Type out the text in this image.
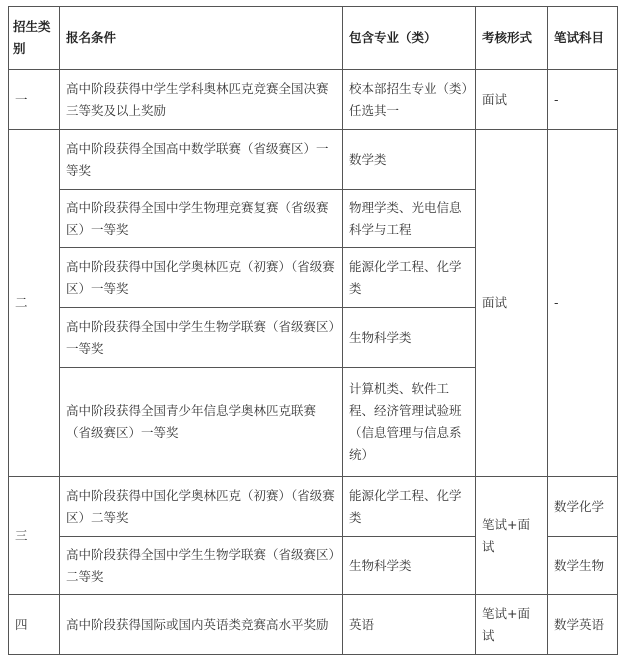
招生类别	报名条件	包含专业（类）	考核形式	笔试科目
一	高中阶段获得中学生学科奥林匹克竞赛全国决赛三等奖及以上奖励	校本部招生专业（类）任选其一	面试	-
二	高中阶段获得全国高中数学联赛（省级赛区）一等奖	数学类	面试	-
	高中阶段获得全国中学生物理竞赛复赛（省级赛区）一等奖	物理学类、光电信息科学与工程		
	高中阶段获得中国化学奥林匹克（初赛）（省级赛区）一等奖	能源化学工程、化学类		
	高中阶段获得全国中学生生物学联赛（省级赛区）一等奖	生物科学类		
	高中阶段获得全国青少年信息学奥林匹克联赛（省级赛区）一等奖	计算机类、软件工程、经济管理试验班（信息管理与信息系统）		
三	高中阶段获得中国化学奥林匹克（初赛）（省级赛区）二等奖	能源化学工程、化学类	笔试+面试	数学化学
	高中阶段获得全国中学生生物学联赛（省级赛区）二等奖	生物科学类		数学生物
四	高中阶段获得国际或国内英语类竞赛高水平奖励	英语	笔试+面试	数学英语
